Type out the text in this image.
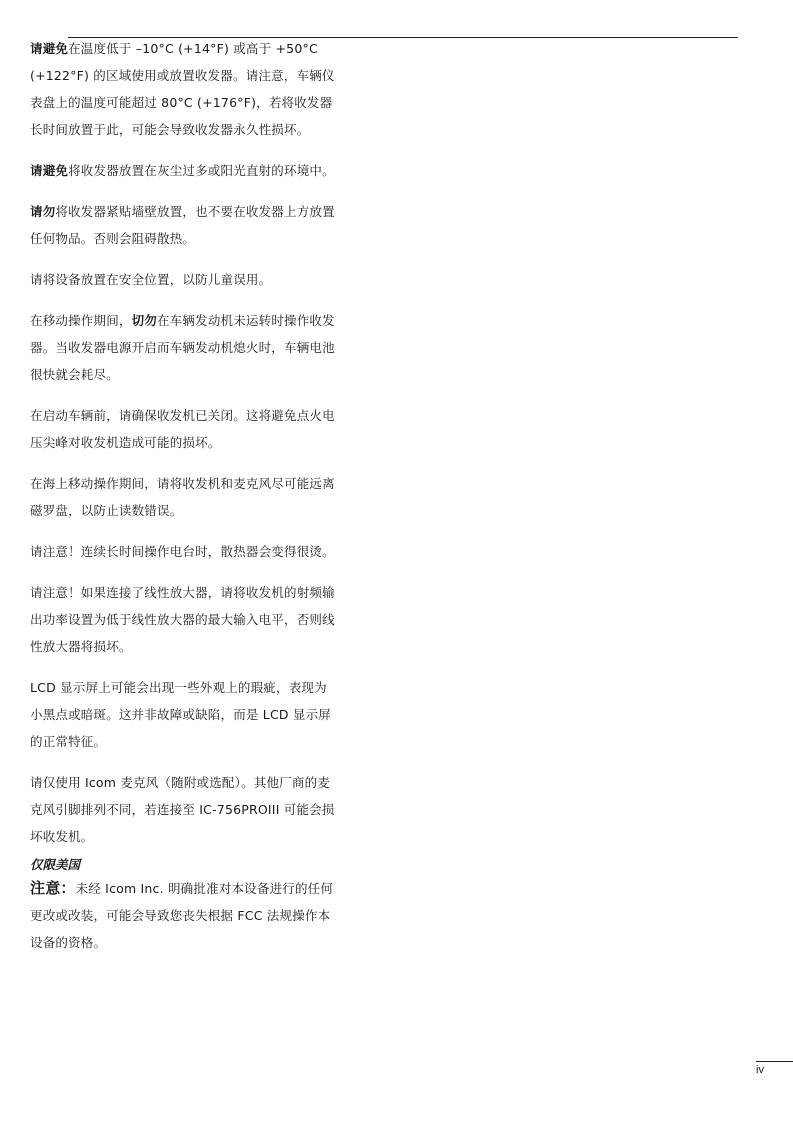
请避免在温度低于 –10°C (+14°F) 或高于 +50°C (+122°F) 的区域使用或放置收发器。请注意，车辆仪表盘上的温度可能超过 80°C (+176°F)，若将收发器长时间放置于此，可能会导致收发器永久性损坏。

请避免将收发器放置在灰尘过多或阳光直射的环境中。

请勿将收发器紧贴墙壁放置，也不要在收发器上方放置任何物品。否则会阻碍散热。

请将设备放置在安全位置，以防儿童误用。

在移动操作期间，切勿在车辆发动机未运转时操作收发器。当收发器电源开启而车辆发动机熄火时，车辆电池很快就会耗尽。

在启动车辆前，请确保收发机已关闭。这将避免点火电压尖峰对收发机造成可能的损坏。

在海上移动操作期间，请将收发机和麦克风尽可能远离磁罗盘，以防止读数错误。

请注意！连续长时间操作电台时，散热器会变得很烫。

请注意！如果连接了线性放大器，请将收发机的射频输出功率设置为低于线性放大器的最大输入电平，否则线性放大器将损坏。

LCD 显示屏上可能会出现一些外观上的瑕疵，表现为小黑点或暗斑。这并非故障或缺陷，而是 LCD 显示屏的正常特征。

请仅使用 Icom 麦克风（随附或选配）。其他厂商的麦克风引脚排列不同，若连接至 IC-756PROIII 可能会损坏收发机。

仅限美国

注意：未经 Icom Inc. 明确批准对本设备进行的任何更改或改装，可能会导致您丧失根据 FCC 法规操作本设备的资格。

iv
